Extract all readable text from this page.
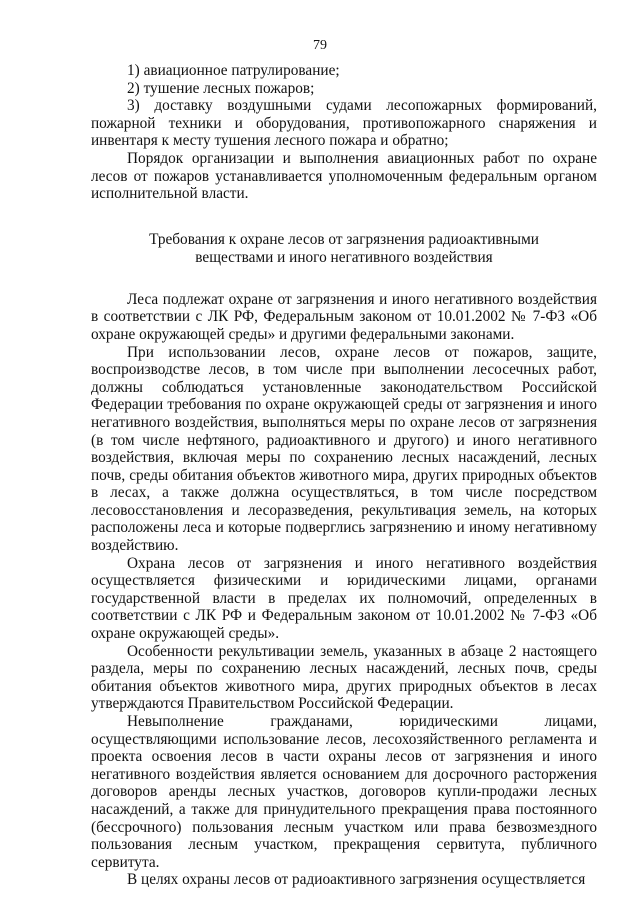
79

1) авиационное патрулирование;

2) тушение лесных пожаров;

3) доставку воздушными судами лесопожарных формирований, пожарной техники и оборудования, противопожарного снаряжения и инвентаря к месту тушения лесного пожара и обратно;

Порядок организации и выполнения авиационных работ по охране лесов от пожаров устанавливается уполномоченным федеральным органом исполнительной власти.

Требования к охране лесов от загрязнения радиоактивными
веществами и иного негативного воздействия

Леса подлежат охране от загрязнения и иного негативного воздействия в соответствии с ЛК РФ, Федеральным законом от 10.01.2002 № 7-ФЗ «Об охране окружающей среды» и другими федеральными законами.

При использовании лесов, охране лесов от пожаров, защите, воспроизводстве лесов, в том числе при выполнении лесосечных работ, должны соблюдаться установленные законодательством Российской Федерации требования по охране окружающей среды от загрязнения и иного негативного воздействия, выполняться меры по охране лесов от загрязнения (в том числе нефтяного, радиоактивного и другого) и иного негативного воздействия, включая меры по сохранению лесных насаждений, лесных почв, среды обитания объектов животного мира, других природных объектов в лесах, а также должна осуществляться, в том числе посредством лесовосстановления и лесоразведения, рекультивация земель, на которых расположены леса и которые подверглись загрязнению и иному негативному воздействию.

Охрана лесов от загрязнения и иного негативного воздействия осуществляется физическими и юридическими лицами, органами государственной власти в пределах их полномочий, определенных в соответствии с ЛК РФ и Федеральным законом от 10.01.2002 № 7-ФЗ «Об охране окружающей среды».

Особенности рекультивации земель, указанных в абзаце 2 настоящего раздела, меры по сохранению лесных насаждений, лесных почв, среды обитания объектов животного мира, других природных объектов в лесах утверждаются Правительством Российской Федерации.

Невыполнение гражданами, юридическими лицами, осуществляющими использование лесов, лесохозяйственного регламента и проекта освоения лесов в части охраны лесов от загрязнения и иного негативного воздействия является основанием для досрочного расторжения договоров аренды лесных участков, договоров купли-продажи лесных насаждений, а также для принудительного прекращения права постоянного (бессрочного) пользования лесным участком или права безвозмездного пользования лесным участком, прекращения сервитута, публичного сервитута.

В целях охраны лесов от радиоактивного загрязнения осуществляется
